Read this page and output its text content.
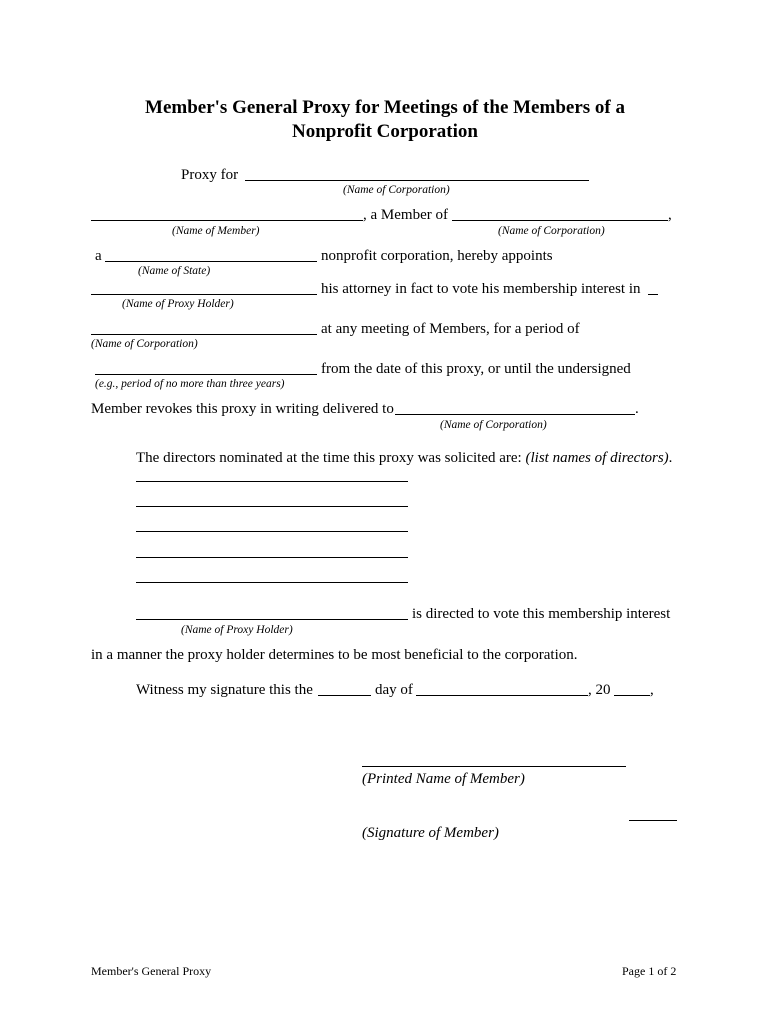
Member's General Proxy for Meetings of the Members of a
Nonprofit Corporation
Proxy for
(Name of Corporation)
, a Member of	,
(Name of Member)	(Name of Corporation)
a	nonprofit corporation, hereby appoints
(Name of State)
his attorney in fact to vote his membership interest in
(Name of Proxy Holder)
at any meeting of Members, for a period of
(Name of Corporation)
from the date of this proxy, or until the undersigned
(e.g., period of no more than three years)
Member revokes this proxy in writing delivered to	.
(Name of Corporation)
The directors nominated at the time this proxy was solicited are: (list names of directors).
is directed to vote this membership interest
(Name of Proxy Holder)
in a manner the proxy holder determines to be most beneficial to the corporation.
Witness my signature this the	day of	, 20	,
(Printed Name of Member)
(Signature of Member)
Member's General Proxy	Page 1 of 2
